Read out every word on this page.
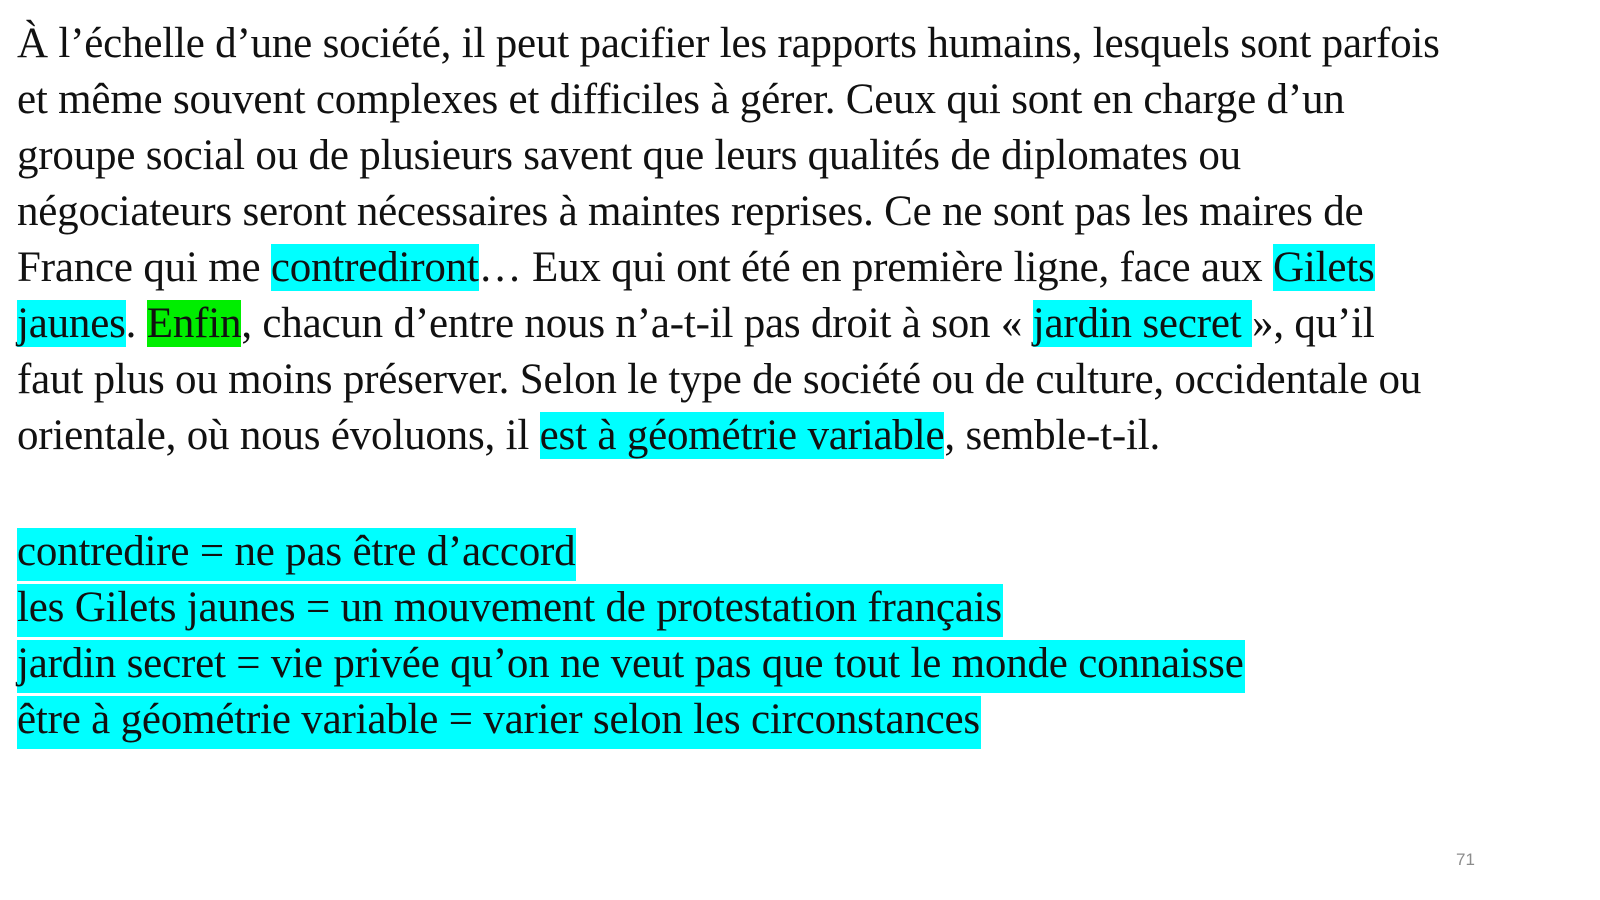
À l’échelle d’une société, il peut pacifier les rapports humains, lesquels sont parfois
et même souvent complexes et difficiles à gérer. Ceux qui sont en charge d’un
groupe social ou de plusieurs savent que leurs qualités de diplomates ou
négociateurs seront nécessaires à maintes reprises. Ce ne sont pas les maires de
France qui me contrediront… Eux qui ont été en première ligne, face aux Gilets
jaunes. Enfin, chacun d’entre nous n’a-t-il pas droit à son « jardin secret », qu’il
faut plus ou moins préserver. Selon le type de société ou de culture, occidentale ou
orientale, où nous évoluons, il est à géométrie variable, semble-t-il.

contredire = ne pas être d’accord
les Gilets jaunes = un mouvement de protestation français
jardin secret = vie privée qu’on ne veut pas que tout le monde connaisse
être à géométrie variable = varier selon les circonstances
71
